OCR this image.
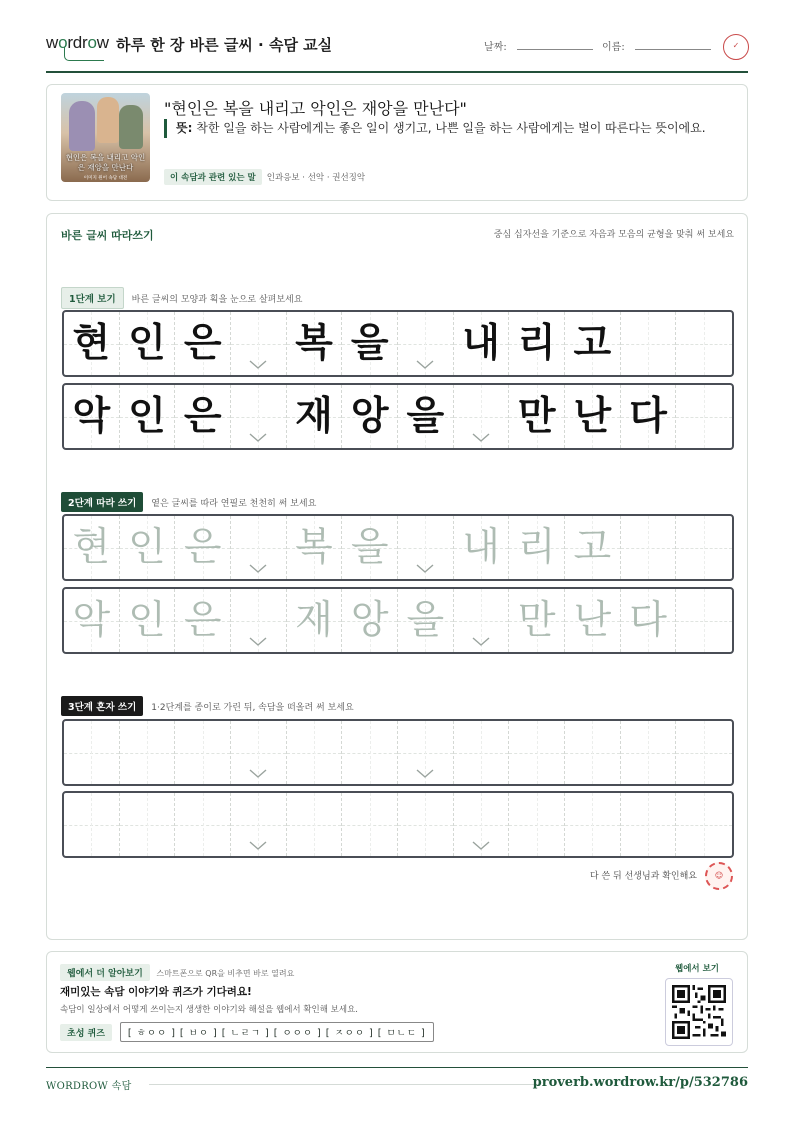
wordrow 하루 한 장 바른 글씨 · 속담 교실	날짜:	이름:	✓
현인은 복을 내리고 악인은 재앙을 만난다
이미지 원어 속담 대전
"현인은 복을 내리고 악인은 재앙을 만난다"
뜻: 착한 일을 하는 사람에게는 좋은 일이 생기고, 나쁜 일을 하는 사람에게는 벌이 따른다는 뜻이에요.
이 속담과 관련 있는 말 인과응보 · 선악 · 권선징악
바른 글씨 따라쓰기	중심 십자선을 기준으로 자음과 모음의 균형을 맞춰 써 보세요
1단계 보기 바른 글씨의 모양과 획을 눈으로 살펴보세요
현 인 은 복 을 내 리 고
악 인 은 재 앙 을 만 난 다
2단계 따라 쓰기 옅은 글씨를 따라 연필로 천천히 써 보세요
현 인 은 복 을 내 리 고
악 인 은 재 앙 을 만 난 다
3단계 혼자 쓰기 1·2단계를 종이로 가린 뒤, 속담을 떠올려 써 보세요
다 쓴 뒤 선생님과 확인해요 ☺
웹에서 더 알아보기 스마트폰으로 QR을 비추면 바로 열려요
재미있는 속담 이야기와 퀴즈가 기다려요!
속담이 일상에서 어떻게 쓰이는지 생생한 이야기와 해설을 웹에서 확인해 보세요.
초성 퀴즈	[ ㅎㅇㅇ ] [ ㅂㅇ ] [ ㄴㄹㄱ ] [ ㅇㅇㅇ ] [ ㅈㅇㅇ ] [ ㅁㄴㄷ ]
웹에서 보기
WORDROW 속담	proverb.wordrow.kr/p/532786
